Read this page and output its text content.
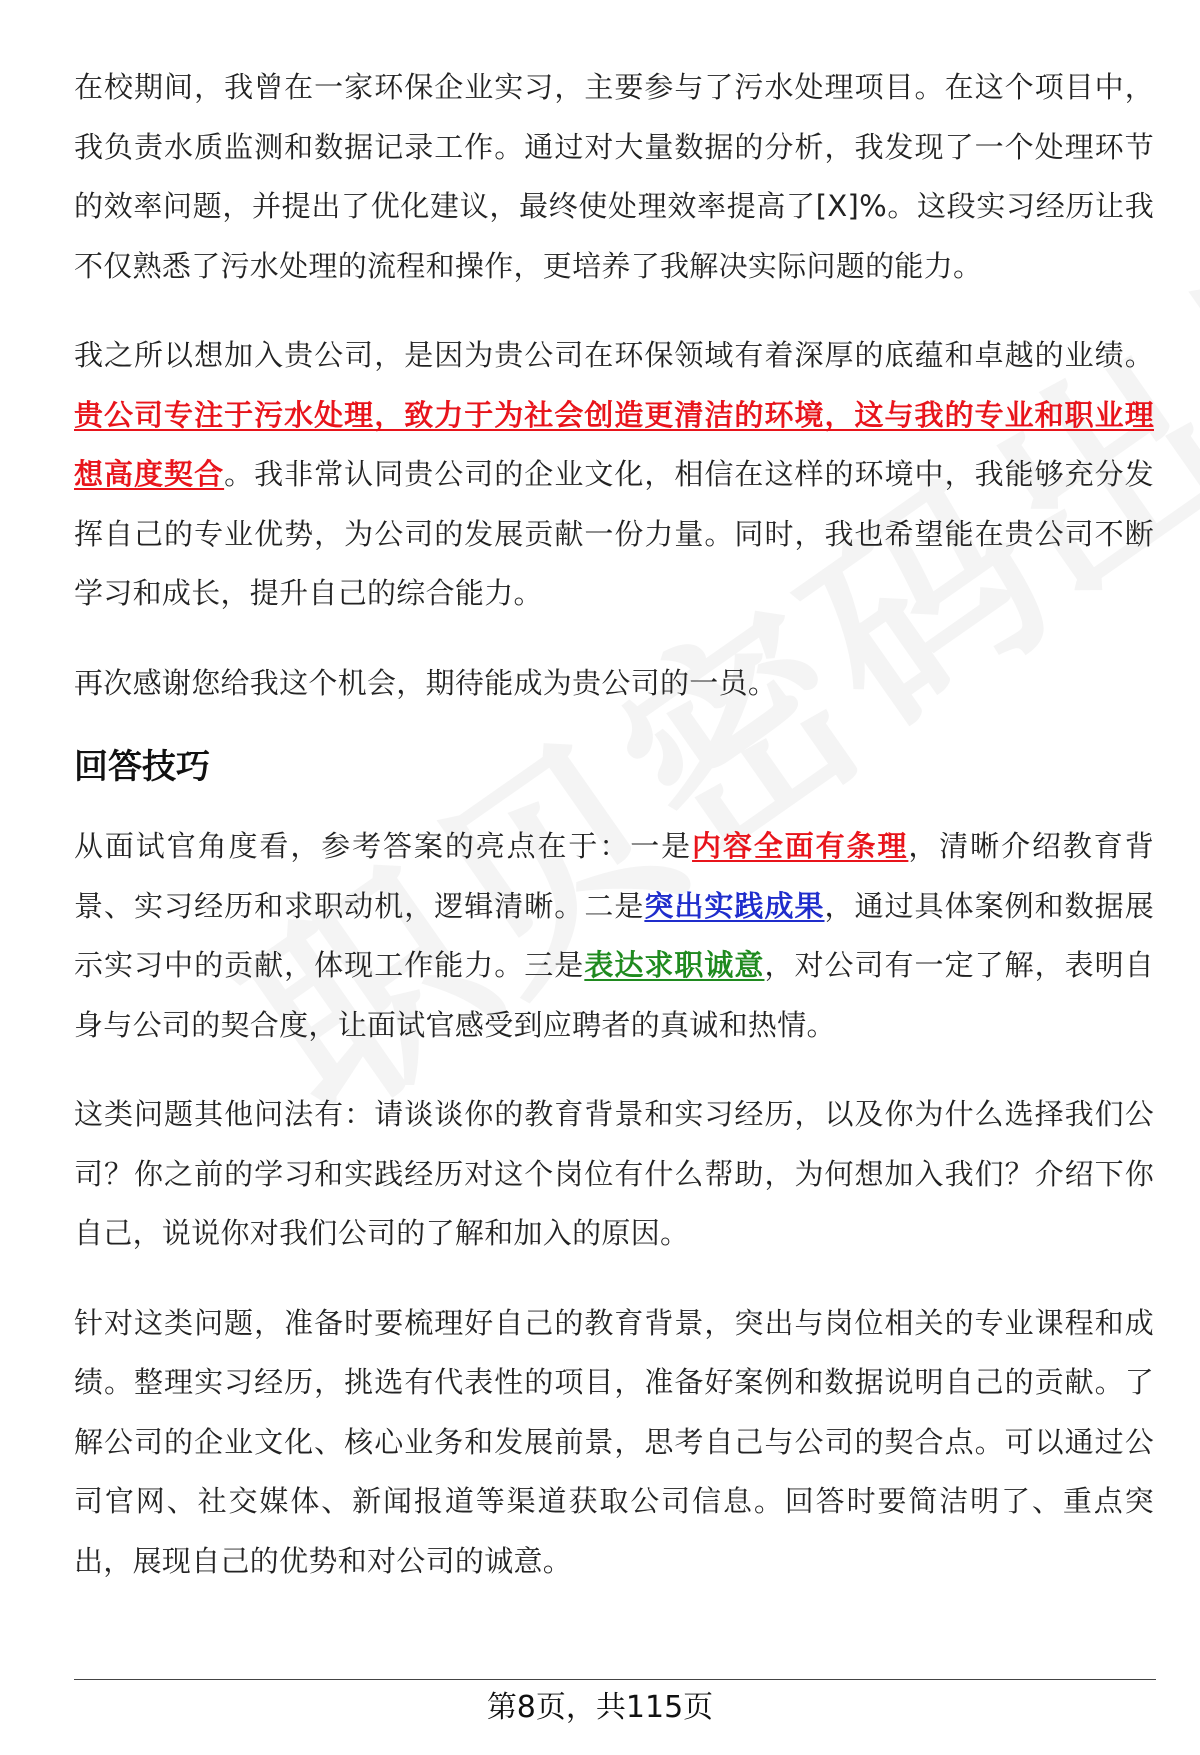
在校期间，我曾在一家环保企业实习，主要参与了污水处理项目。在这个项目中，我负责水质监测和数据记录工作。通过对大量数据的分析，我发现了一个处理环节的效率问题，并提出了优化建议，最终使处理效率提高了[X]%。这段实习经历让我不仅熟悉了污水处理的流程和操作，更培养了我解决实际问题的能力。

我之所以想加入贵公司，是因为贵公司在环保领域有着深厚的底蕴和卓越的业绩。贵公司专注于污水处理，致力于为社会创造更清洁的环境，这与我的专业和职业理想高度契合。我非常认同贵公司的企业文化，相信在这样的环境中，我能够充分发挥自己的专业优势，为公司的发展贡献一份力量。同时，我也希望能在贵公司不断学习和成长，提升自己的综合能力。

再次感谢您给我这个机会，期待能成为贵公司的一员。

回答技巧

从面试官角度看，参考答案的亮点在于：一是内容全面有条理，清晰介绍教育背景、实习经历和求职动机，逻辑清晰。二是突出实践成果，通过具体案例和数据展示实习中的贡献，体现工作能力。三是表达求职诚意，对公司有一定了解，表明自身与公司的契合度，让面试官感受到应聘者的真诚和热情。

这类问题其他问法有：请谈谈你的教育背景和实习经历，以及你为什么选择我们公司？你之前的学习和实践经历对这个岗位有什么帮助，为何想加入我们？介绍下你自己，说说你对我们公司的了解和加入的原因。

针对这类问题，准备时要梳理好自己的教育背景，突出与岗位相关的专业课程和成绩。整理实习经历，挑选有代表性的项目，准备好案例和数据说明自己的贡献。了解公司的企业文化、核心业务和发展前景，思考自己与公司的契合点。可以通过公司官网、社交媒体、新闻报道等渠道获取公司信息。回答时要简洁明了、重点突出，展现自己的优势和对公司的诚意。

第8页，共115页
